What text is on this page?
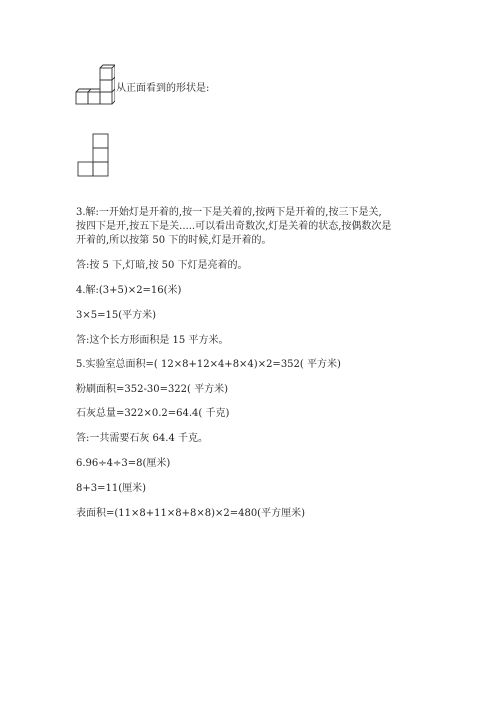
从正面看到的形状是:
3.解:一开始灯是开着的,按一下是关着的,按两下是开着的,按三下是关,
按四下是开,按五下是关.....可以看出奇数次,灯是关着的状态,按偶数次是
开着的,所以按第 50 下的时候,灯是开着的。
答:按 5 下,灯暗,按 50 下灯是亮着的。
4.解:(3+5)×2=16(米)
3×5=15(平方米)
答:这个长方形面积是 15 平方米。
5.实验室总面积=( 12×8+12×4+8×4)×2=352( 平方米)
粉刷面积=352-30=322( 平方米)
石灰总量=322×0.2=64.4( 千克)
答:一共需要石灰 64.4 千克。
6.96÷4÷3=8(厘米)
8+3=11(厘米)
表面积=(11×8+11×8+8×8)×2=480(平方厘米)
